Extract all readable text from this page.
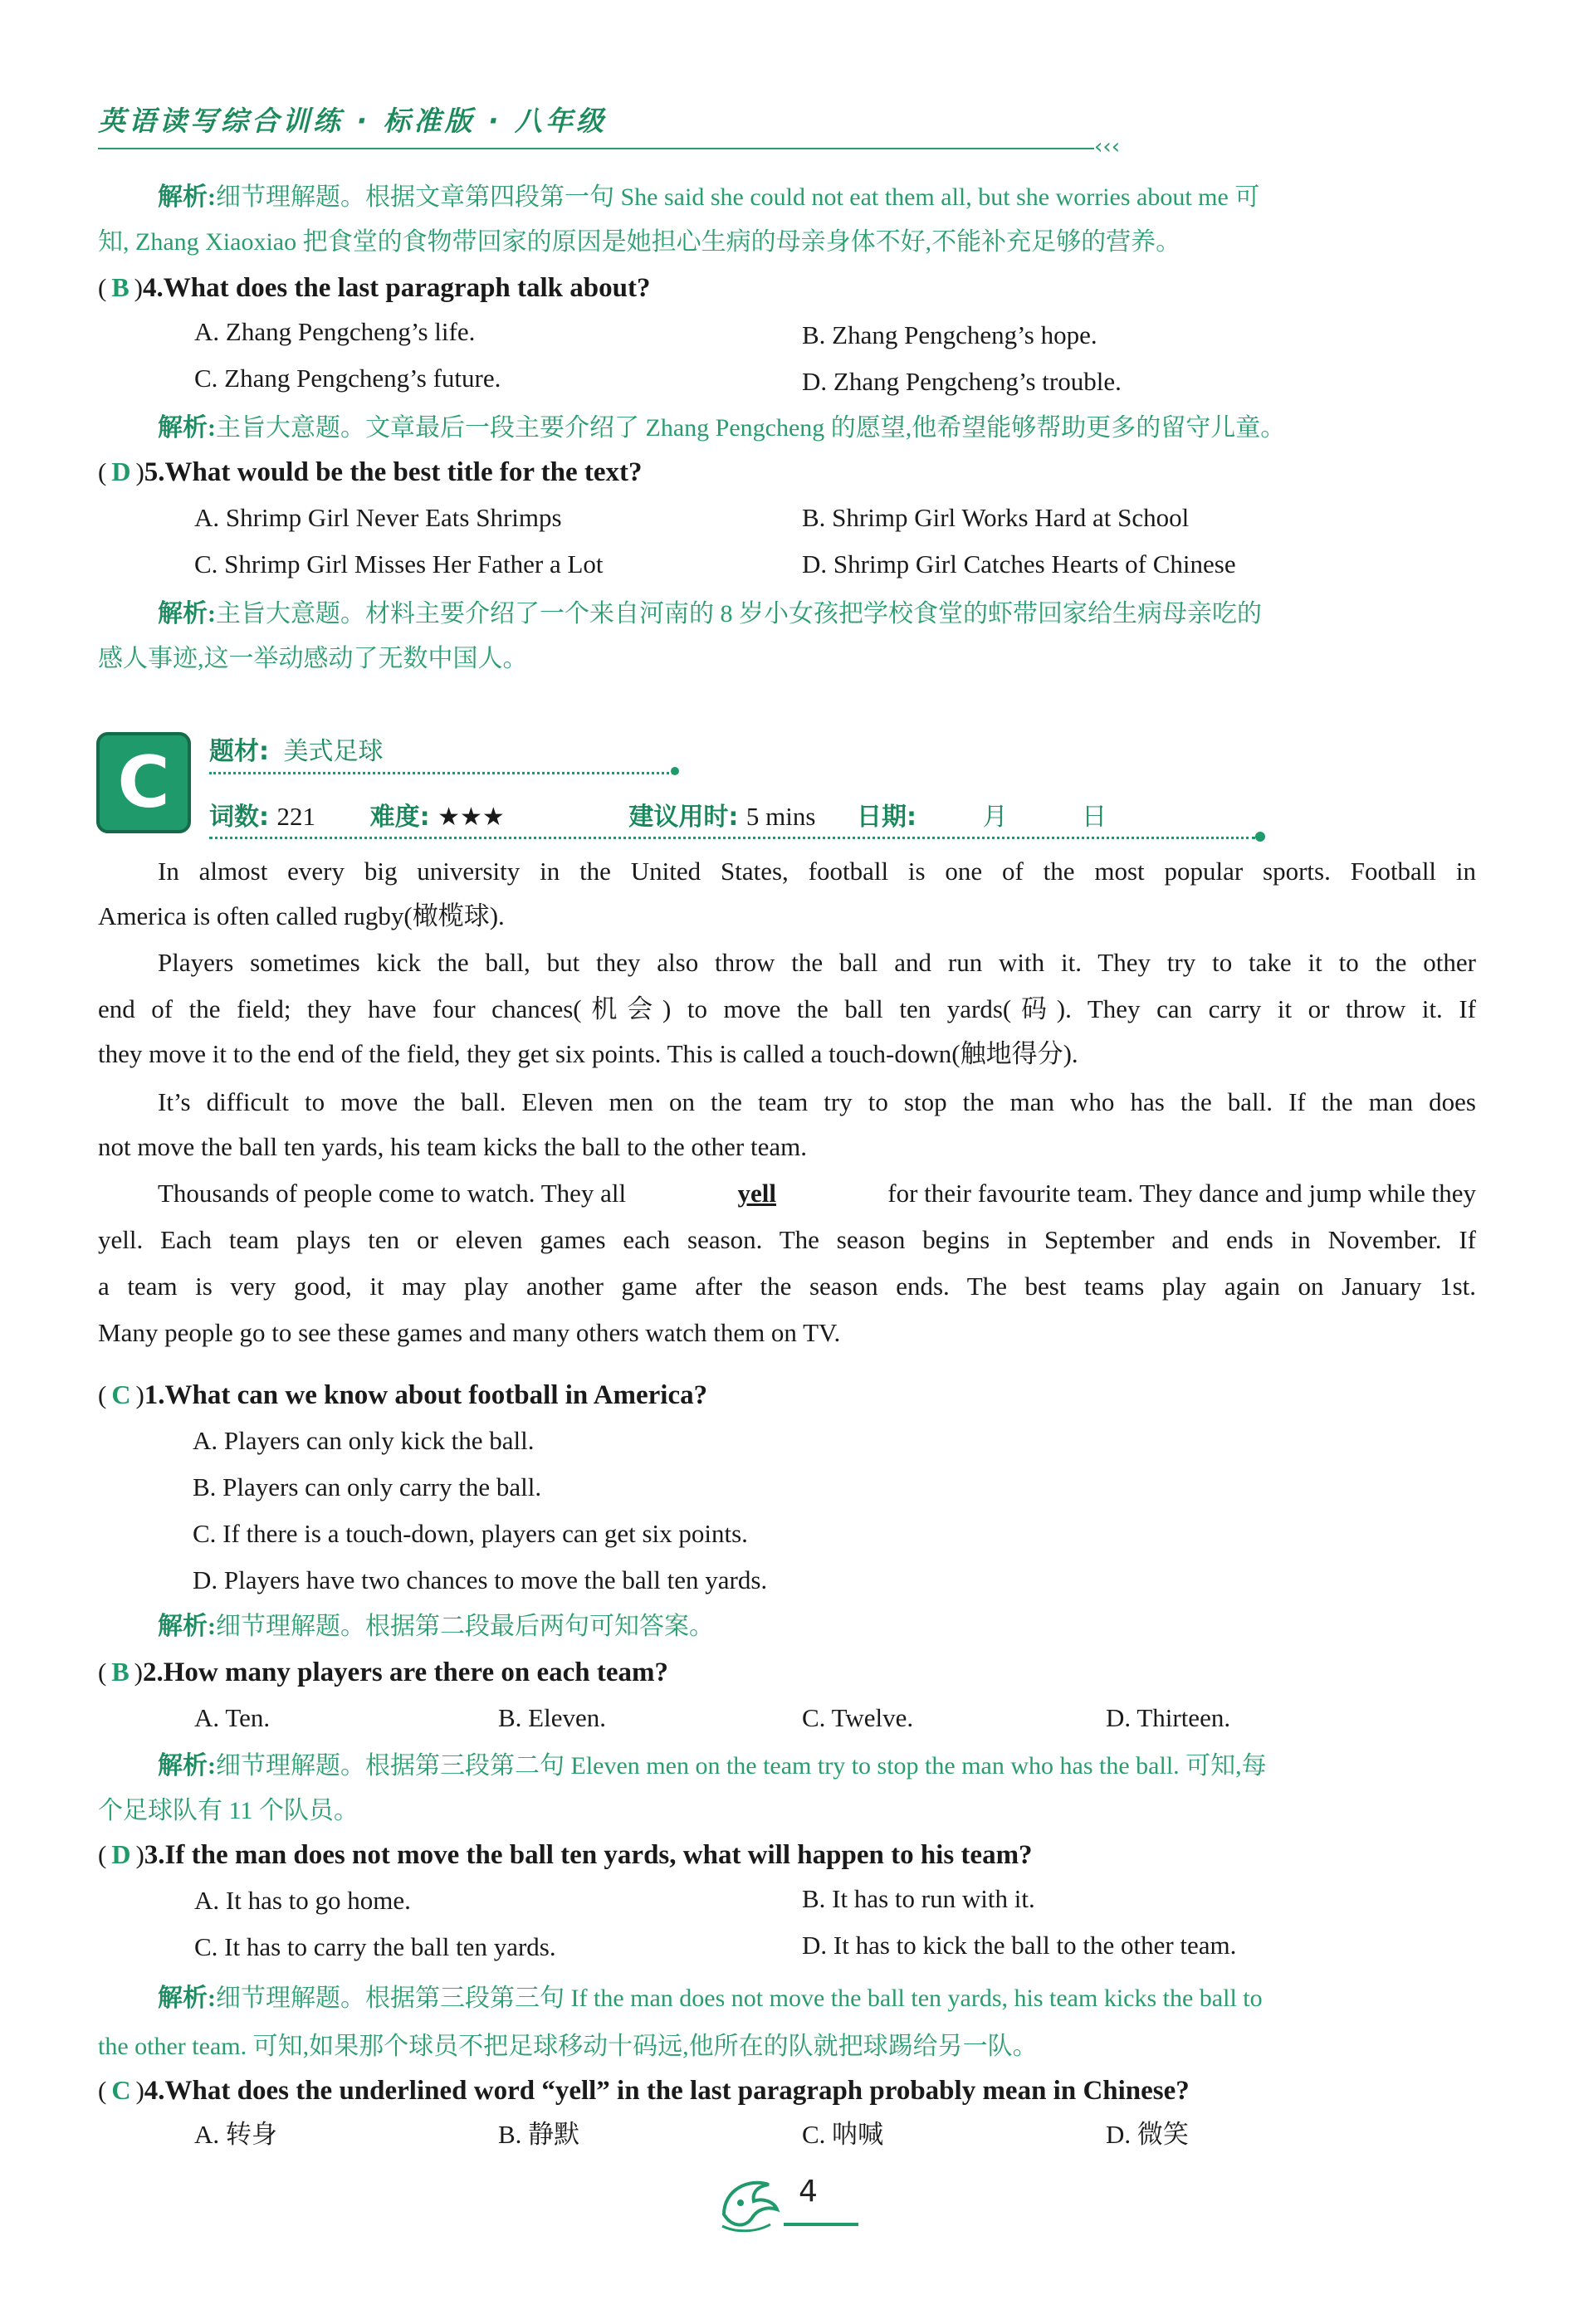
英语读写综合训练 · 标准版 · 八年级
‹‹‹
解析:细节理解题。根据文章第四段第一句 She said she could not eat them all, but she worries about me 可
知, Zhang Xiaoxiao 把食堂的食物带回家的原因是她担心生病的母亲身体不好,不能补充足够的营养。
( B )4.What does the last paragraph talk about?
A. Zhang Pengcheng’s life.	B. Zhang Pengcheng’s hope.
C. Zhang Pengcheng’s future.	D. Zhang Pengcheng’s trouble.
解析:主旨大意题。文章最后一段主要介绍了 Zhang Pengcheng 的愿望,他希望能够帮助更多的留守儿童。
( D )5.What would be the best title for the text?
A. Shrimp Girl Never Eats Shrimps	B. Shrimp Girl Works Hard at School
C. Shrimp Girl Misses Her Father a Lot	D. Shrimp Girl Catches Hearts of Chinese
解析:主旨大意题。材料主要介绍了一个来自河南的 8 岁小女孩把学校食堂的虾带回家给生病母亲吃的
感人事迹,这一举动感动了无数中国人。
C 题材: 美式足球
词数: 221 难度: ★★★	建议用时: 5 mins 日期:	月	日
In almost every big university in the United States, football is one of the most popular sports. Football in
America is often called rugby(橄榄球).
Players sometimes kick the ball, but they also throw the ball and run with it. They try to take it to the other
end of the field; they have four chances(机会) to move the ball ten yards(码). They can carry it or throw it. If
they move it to the end of the field, they get six points. This is called a touch-down(触地得分).
It’s difficult to move the ball. Eleven men on the team try to stop the man who has the ball. If the man does
not move the ball ten yards, his team kicks the ball to the other team.
Thousands of people come to watch. They all	yell	for their favourite team. They dance and jump while they
yell. Each team plays ten or eleven games each season. The season begins in September and ends in November. If
a team is very good, it may play another game after the season ends. The best teams play again on January 1st.
Many people go to see these games and many others watch them on TV.
( C )1.What can we know about football in America?
A. Players can only kick the ball.
B. Players can only carry the ball.
C. If there is a touch-down, players can get six points.
D. Players have two chances to move the ball ten yards.
解析:细节理解题。根据第二段最后两句可知答案。
( B )2.How many players are there on each team?
A. Ten.	B. Eleven.	C. Twelve.	D. Thirteen.
解析:细节理解题。根据第三段第二句 Eleven men on the team try to stop the man who has the ball. 可知,每
个足球队有 11 个队员。
( D )3.If the man does not move the ball ten yards, what will happen to his team?
A. It has to go home.	B. It has to run with it.
C. It has to carry the ball ten yards.	D. It has to kick the ball to the other team.
解析:细节理解题。根据第三段第三句 If the man does not move the ball ten yards, his team kicks the ball to
the other team. 可知,如果那个球员不把足球移动十码远,他所在的队就把球踢给另一队。
( C )4.What does the underlined word “yell” in the last paragraph probably mean in Chinese?
A. 转身	B. 静默	C. 呐喊	D. 微笑
4
